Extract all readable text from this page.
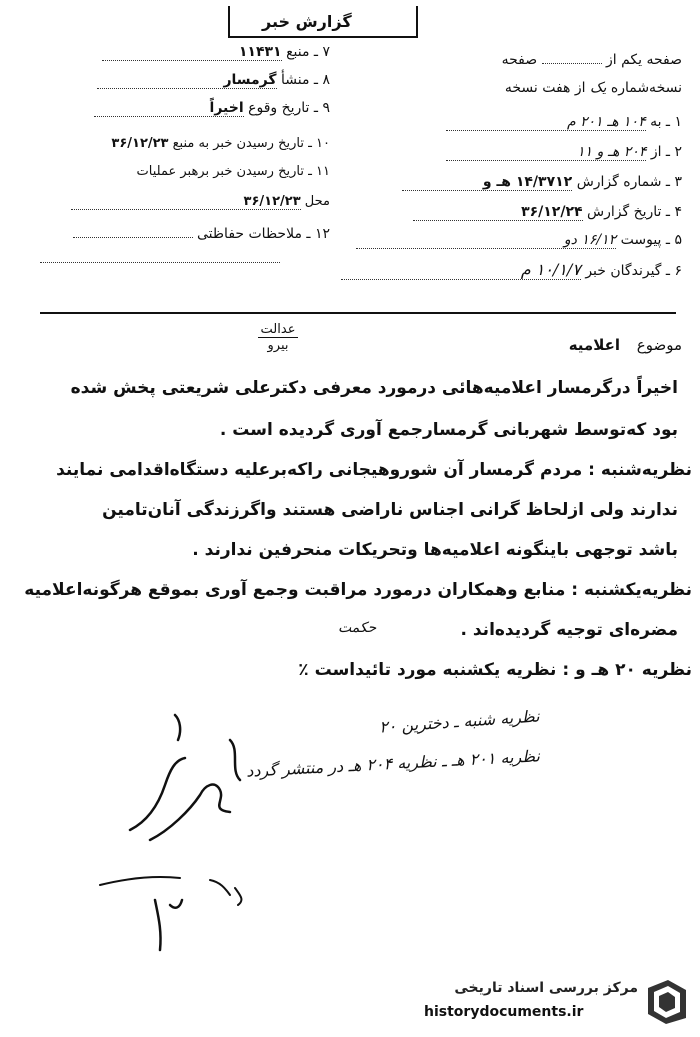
گزارش خبر
صفحه یکم از  صفحه
نسخه‌شماره یک از هفت نسخه
۱ ـ به ۱۰۴ هـ ۲۰۱ م
۲ ـ از ۲۰۴ هـ و ۱۱
۳ ـ شماره گزارش ۱۴/۳۷۱۲ هـ و
۴ ـ تاریخ گزارش ۳۶/۱۲/۲۴
۵ ـ پیوست ۱۶/۱۲ دو
۶ ـ گیرندگان خبر ۱۰/۱/۷ م
۷ ـ منبع ۱۱۴۳۱
۸ ـ منشأ گرمسار
۹ ـ تاریخ وقوع اخیراً
۱۰ ـ تاریخ رسیدن خبر به منبع ۳۶/۱۲/۲۳
۱۱ ـ تاریخ رسیدن خبر برهبر عملیات
محل ۳۶/۱۲/۲۳
۱۲ ـ ملاحظات حفاظتی
عدالت
بیرو	موضوع اعلامیه
اخیراً درگرمسار اعلامیه‌هائی درمورد معرفی دکترعلی شریعتی پخش شده
بود که‌توسط شهربانی گرمسارجمع آوری گردیده است .
نظریه‌شنبه : مردم گرمسار آن شوروهیجانی راکه‌برعلیه دستگاه‌اقدامی نمایند
ندارند ولی ازلحاظ گرانی اجناس ناراضی هستند واگرزندگی آنان‌تامین
باشد توجهی باینگونه اعلامیه‌ها وتحریکات منحرفین ندارند .
نظریه‌یکشنبه : منابع وهمکاران درمورد مراقبت وجمع آوری بموقع هرگونه‌اعلامیه
مضره‌ای توجیه گردیده‌اند .
نظریه ۲۰ هـ و : نظریه یکشنبه مورد تائیداست ٪
نظریه شنبه ـ دخترین ۲۰
نظریه ۲۰۱ هـ ـ نظریه ۲۰۴ هـ در منتشر گردد
حکمت
مرکز بررسی اسناد تاریخی
historydocuments.ir
